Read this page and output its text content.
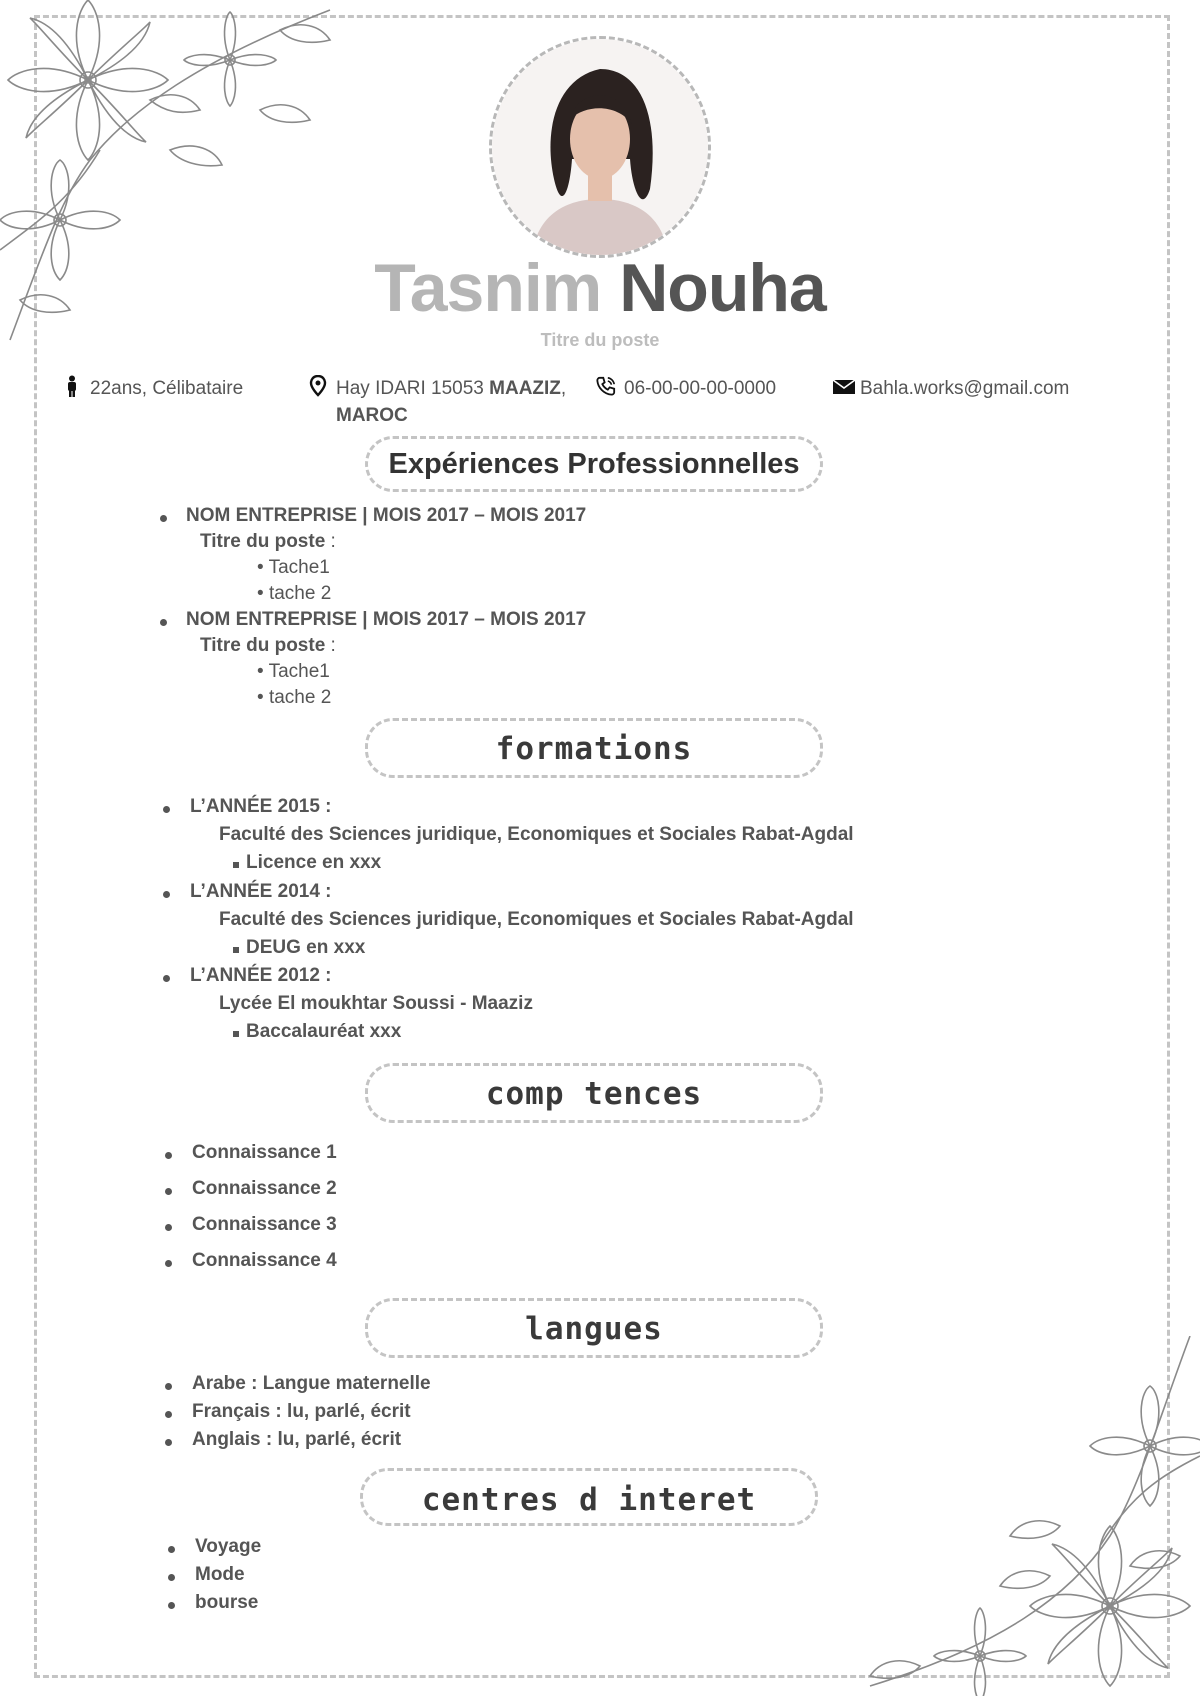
Tasnim Nouha
Titre du poste
22ans, Célibataire	Hay IDARI 15053 MAAZIZ,
MAROC
06-00-00-00-0000	Bahla.works@gmail.com
Expériences Professionnelles
NOM ENTREPRISE | MOIS 2017 – MOIS 2017
Titre du poste :
• Tache1
• tache 2
NOM ENTREPRISE | MOIS 2017 – MOIS 2017
Titre du poste :
• Tache1
• tache 2
formations
L’ANNÉE 2015 :
Faculté des Sciences juridique, Economiques et Sociales Rabat-Agdal
Licence en xxx
L’ANNÉE 2014 :
Faculté des Sciences juridique, Economiques et Sociales Rabat-Agdal
DEUG en xxx
L’ANNÉE 2012 :
Lycée El moukhtar Soussi - Maaziz
Baccalauréat xxx
comp tences
Connaissance 1
Connaissance 2
Connaissance 3
Connaissance 4
langues
Arabe : Langue maternelle
Français : lu, parlé, écrit
Anglais : lu, parlé, écrit
centres d interet
Voyage
Mode
bourse
